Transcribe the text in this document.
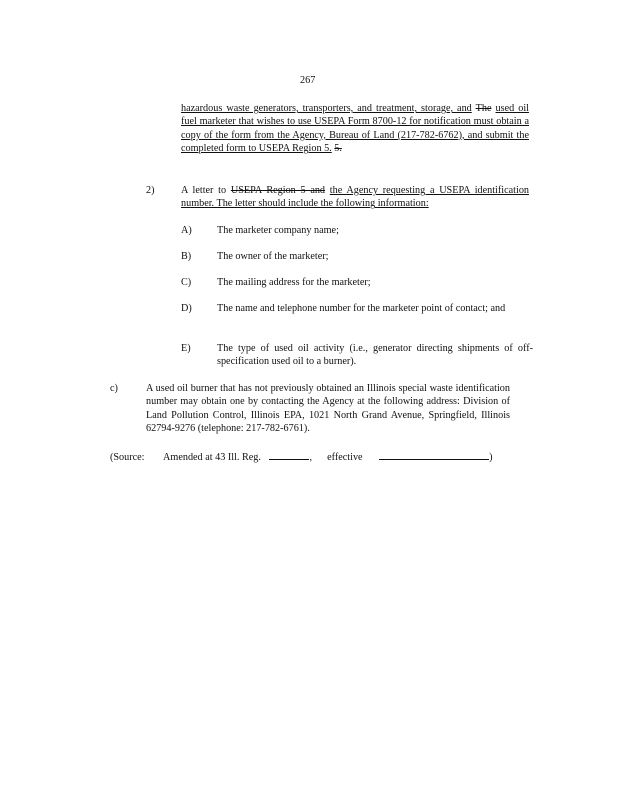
267
hazardous waste generators, transporters, and treatment, storage, and The used oil fuel marketer that wishes to use USEPA Form 8700-12 for notification must obtain a copy of the form from the Agency, Bureau of Land (217-782-6762), and submit the completed form to USEPA Region 5. 5.
2)	A letter to USEPA Region 5 and the Agency requesting a USEPA identification number. The letter should include the following information:
A) The marketer company name;
B)	The owner of the marketer;
C)	The mailing address for the marketer;
D) The name and telephone number for the marketer point of contact; and
E)	The type of used oil activity (i.e., generator directing shipments of off-specification used oil to a burner).
c)	A used oil burner that has not previously obtained an Illinois special waste identification number may obtain one by contacting the Agency at the following address: Division of Land Pollution Control, Illinois EPA, 1021 North Grand Avenue, Springfield, Illinois 62794-9276 (telephone: 217-782-6761).
(Source: Amended at 43 Ill. Reg.	, effective	)
